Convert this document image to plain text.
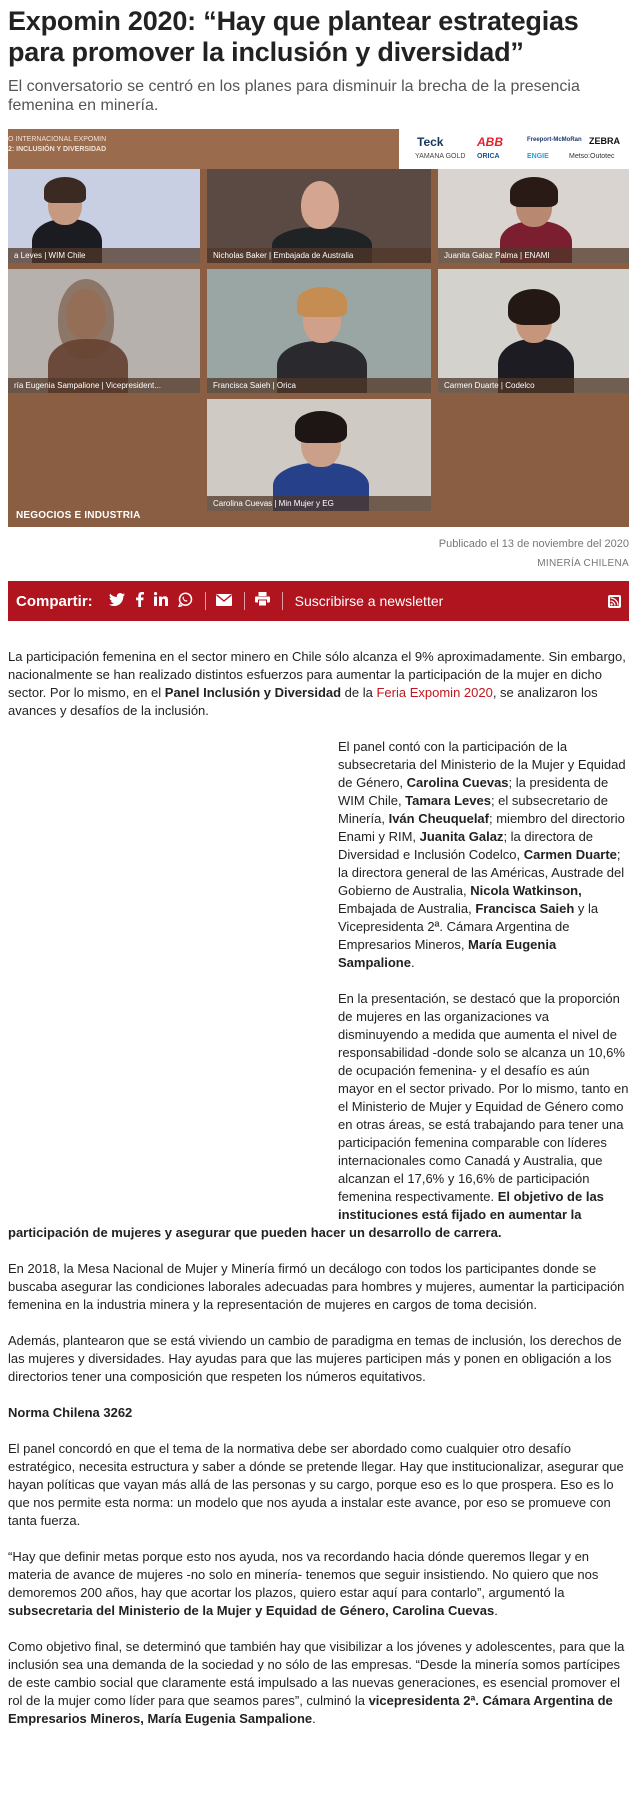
Expomin 2020: “Hay que plantear estrategias para promover la inclusión y diversidad”

El conversatorio se centró en los planes para disminuir la brecha de la presencia femenina en minería.

O INTERNACIONAL EXPOMIN
2: INCLUSIÓN Y DIVERSIDAD
Teck	ABB	Freeport-McMoRan ZEBRA
YAMANA GOLD ORICA	ENGIE	Metso:Outotec
a Leves | WIM Chile	Nicholas Baker | Embajada de Australia	Juanita Galaz Palma | ENAMI
ría Eugenia Sampalione | Vicepresident...	Francisca Saieh | Orica	Carmen Duarte | Codelco
Carolina Cuevas | Min Mujer y EG
NEGOCIOS E INDUSTRIA
Publicado el 13 de noviembre del 2020
MINERÍA CHILENA
Compartir:	Suscribirse a newsletter

La participación femenina en el sector minero en Chile sólo alcanza el 9% aproximadamente. Sin embargo, nacionalmente se han realizado distintos esfuerzos para aumentar la participación de la mujer en dicho sector. Por lo mismo, en el Panel Inclusión y Diversidad de la Feria Expomin 2020, se analizaron los avances y desafíos de la inclusión.

El panel contó con la participación de la subsecretaria del Ministerio de la Mujer y Equidad de Género, Carolina Cuevas; la presidenta de WIM Chile, Tamara Leves; el subsecretario de Minería, Iván Cheuquelaf; miembro del directorio Enami y RIM, Juanita Galaz; la directora de Diversidad e Inclusión Codelco, Carmen Duarte; la directora general de las Américas, Austrade del Gobierno de Australia, Nicola Watkinson, Embajada de Australia, Francisca Saieh y la Vicepresidenta 2ª. Cámara Argentina de Empresarios Mineros, María Eugenia Sampalione.

En la presentación, se destacó que la proporción de mujeres en las organizaciones va disminuyendo a medida que aumenta el nivel de responsabilidad -donde solo se alcanza un 10,6% de ocupación femenina- y el desafío es aún mayor en el sector privado. Por lo mismo, tanto en el Ministerio de Mujer y Equidad de Género como en otras áreas, se está trabajando para tener una participación femenina comparable con líderes internacionales como Canadá y Australia, que alcanzan el 17,6% y 16,6% de participación femenina respectivamente. El objetivo de las instituciones está fijado en aumentar la participación de mujeres y asegurar que pueden hacer un desarrollo de carrera.

En 2018, la Mesa Nacional de Mujer y Minería firmó un decálogo con todos los participantes donde se buscaba asegurar las condiciones laborales adecuadas para hombres y mujeres, aumentar la participación femenina en la industria minera y la representación de mujeres en cargos de toma decisión.

Además, plantearon que se está viviendo un cambio de paradigma en temas de inclusión, los derechos de las mujeres y diversidades. Hay ayudas para que las mujeres participen más y ponen en obligación a los directorios tener una composición que respeten los números equitativos.

Norma Chilena 3262

El panel concordó en que el tema de la normativa debe ser abordado como cualquier otro desafío estratégico, necesita estructura y saber a dónde se pretende llegar. Hay que institucionalizar, asegurar que hayan políticas que vayan más allá de las personas y su cargo, porque eso es lo que prospera. Eso es lo que nos permite esta norma: un modelo que nos ayuda a instalar este avance, por eso se promueve con tanta fuerza.

“Hay que definir metas porque esto nos ayuda, nos va recordando hacia dónde queremos llegar y en materia de avance de mujeres -no solo en minería- tenemos que seguir insistiendo. No quiero que nos demoremos 200 años, hay que acortar los plazos, quiero estar aquí para contarlo”, argumentó la subsecretaria del Ministerio de la Mujer y Equidad de Género, Carolina Cuevas.

Como objetivo final, se determinó que también hay que visibilizar a los jóvenes y adolescentes, para que la inclusión sea una demanda de la sociedad y no sólo de las empresas. “Desde la minería somos partícipes de este cambio social que claramente está impulsado a las nuevas generaciones, es esencial promover el rol de la mujer como líder para que seamos pares”, culminó la vicepresidenta 2ª. Cámara Argentina de Empresarios Mineros, María Eugenia Sampalione.
